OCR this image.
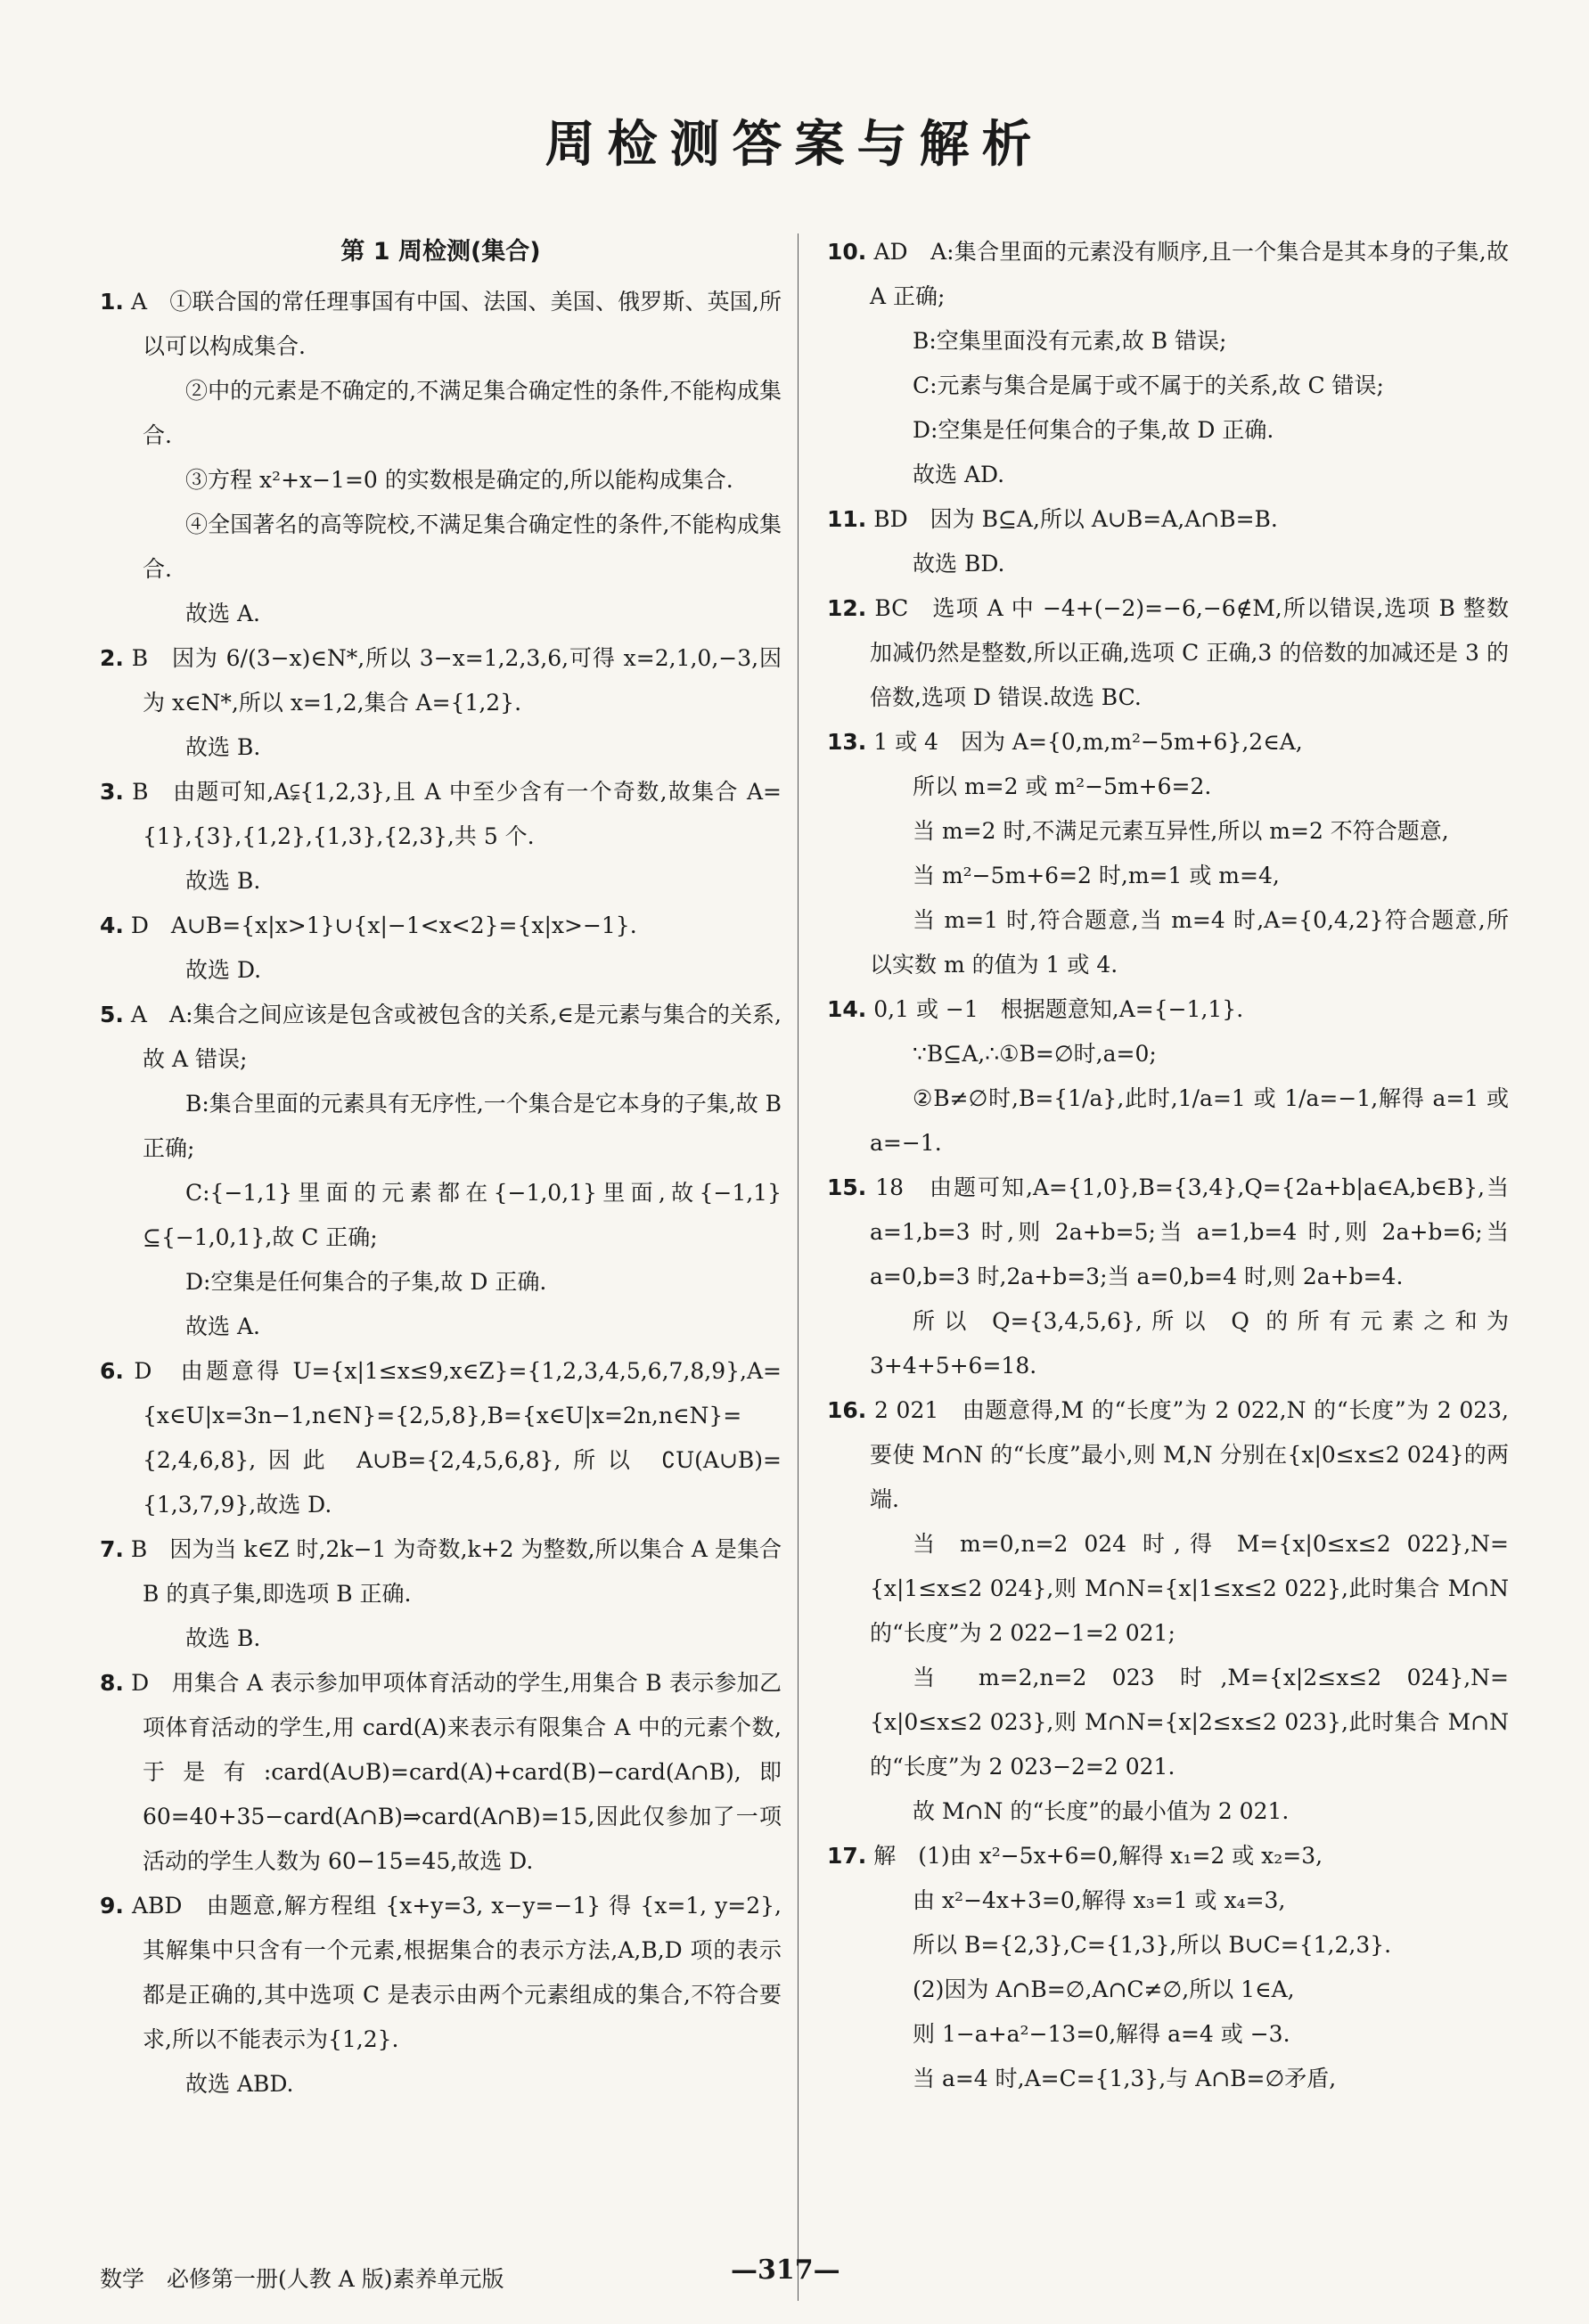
周检测答案与解析
第 1 周检测(集合)
1. A　①联合国的常任理事国有中国、法国、美国、俄罗斯、英国,所以可以构成集合.
②中的元素是不确定的,不满足集合确定性的条件,不能构成集合.
③方程 x²+x−1=0 的实数根是确定的,所以能构成集合.
④全国著名的高等院校,不满足集合确定性的条件,不能构成集合.
故选 A.
2. B　因为 6/(3−x)∈N*,所以 3−x=1,2,3,6,可得 x=2,1,0,−3,因为 x∈N*,所以 x=1,2,集合 A={1,2}.
故选 B.
3. B　由题可知,A⫋{1,2,3},且 A 中至少含有一个奇数,故集合 A={1},{3},{1,2},{1,3},{2,3},共 5 个.
故选 B.
4. D　A∪B={x|x>1}∪{x|−1<x<2}={x|x>−1}.
故选 D.
5. A　A:集合之间应该是包含或被包含的关系,∈是元素与集合的关系,故 A 错误;
B:集合里面的元素具有无序性,一个集合是它本身的子集,故 B 正确;
C:{−1,1}里面的元素都在{−1,0,1}里面,故{−1,1}⊆{−1,0,1},故 C 正确;
D:空集是任何集合的子集,故 D 正确.
故选 A.
6. D　由题意得 U={x|1≤x≤9,x∈Z}={1,2,3,4,5,6,7,8,9},A={x∈U|x=3n−1,n∈N}={2,5,8},B={x∈U|x=2n,n∈N}={2,4,6,8},因此 A∪B={2,4,5,6,8},所以 ∁U(A∪B)={1,3,7,9},故选 D.
7. B　因为当 k∈Z 时,2k−1 为奇数,k+2 为整数,所以集合 A 是集合 B 的真子集,即选项 B 正确.
故选 B.
8. D　用集合 A 表示参加甲项体育活动的学生,用集合 B 表示参加乙项体育活动的学生,用 card(A)来表示有限集合 A 中的元素个数,于是有:card(A∪B)=card(A)+card(B)−card(A∩B),即 60=40+35−card(A∩B)⇒card(A∩B)=15,因此仅参加了一项活动的学生人数为 60−15=45,故选 D.
9. ABD　由题意,解方程组 {x+y=3, x−y=−1} 得 {x=1, y=2},其解集中只含有一个元素,根据集合的表示方法,A,B,D 项的表示都是正确的,其中选项 C 是表示由两个元素组成的集合,不符合要求,所以不能表示为{1,2}.
故选 ABD.
10. AD　A:集合里面的元素没有顺序,且一个集合是其本身的子集,故 A 正确;
B:空集里面没有元素,故 B 错误;
C:元素与集合是属于或不属于的关系,故 C 错误;
D:空集是任何集合的子集,故 D 正确.
故选 AD.
11. BD　因为 B⊆A,所以 A∪B=A,A∩B=B.
故选 BD.
12. BC　选项 A 中 −4+(−2)=−6,−6∉M,所以错误,选项 B 整数加减仍然是整数,所以正确,选项 C 正确,3 的倍数的加减还是 3 的倍数,选项 D 错误.故选 BC.
13. 1 或 4　因为 A={0,m,m²−5m+6},2∈A,
所以 m=2 或 m²−5m+6=2.
当 m=2 时,不满足元素互异性,所以 m=2 不符合题意,
当 m²−5m+6=2 时,m=1 或 m=4,
当 m=1 时,符合题意,当 m=4 时,A={0,4,2}符合题意,所以实数 m 的值为 1 或 4.
14. 0,1 或 −1　根据题意知,A={−1,1}.
∵B⊆A,∴①B=∅时,a=0;
②B≠∅时,B={1/a},此时,1/a=1 或 1/a=−1,解得 a=1 或 a=−1.
15. 18　由题可知,A={1,0},B={3,4},Q={2a+b|a∈A,b∈B},当 a=1,b=3 时,则 2a+b=5;当 a=1,b=4 时,则 2a+b=6;当 a=0,b=3 时,2a+b=3;当 a=0,b=4 时,则 2a+b=4.
所以 Q={3,4,5,6},所以 Q 的所有元素之和为 3+4+5+6=18.
16. 2 021　由题意得,M 的“长度”为 2 022,N 的“长度”为 2 023,要使 M∩N 的“长度”最小,则 M,N 分别在{x|0≤x≤2 024}的两端.
当 m=0,n=2 024 时,得 M={x|0≤x≤2 022},N={x|1≤x≤2 024},则 M∩N={x|1≤x≤2 022},此时集合 M∩N 的“长度”为 2 022−1=2 021;
当 m=2,n=2 023 时,M={x|2≤x≤2 024},N={x|0≤x≤2 023},则 M∩N={x|2≤x≤2 023},此时集合 M∩N 的“长度”为 2 023−2=2 021.
故 M∩N 的“长度”的最小值为 2 021.
17. 解　(1)由 x²−5x+6=0,解得 x₁=2 或 x₂=3,
由 x²−4x+3=0,解得 x₃=1 或 x₄=3,
所以 B={2,3},C={1,3},所以 B∪C={1,2,3}.
(2)因为 A∩B=∅,A∩C≠∅,所以 1∈A,
则 1−a+a²−13=0,解得 a=4 或 −3.
当 a=4 时,A=C={1,3},与 A∩B=∅矛盾,
数学　必修第一册(人教 A 版)素养单元版	—317—
